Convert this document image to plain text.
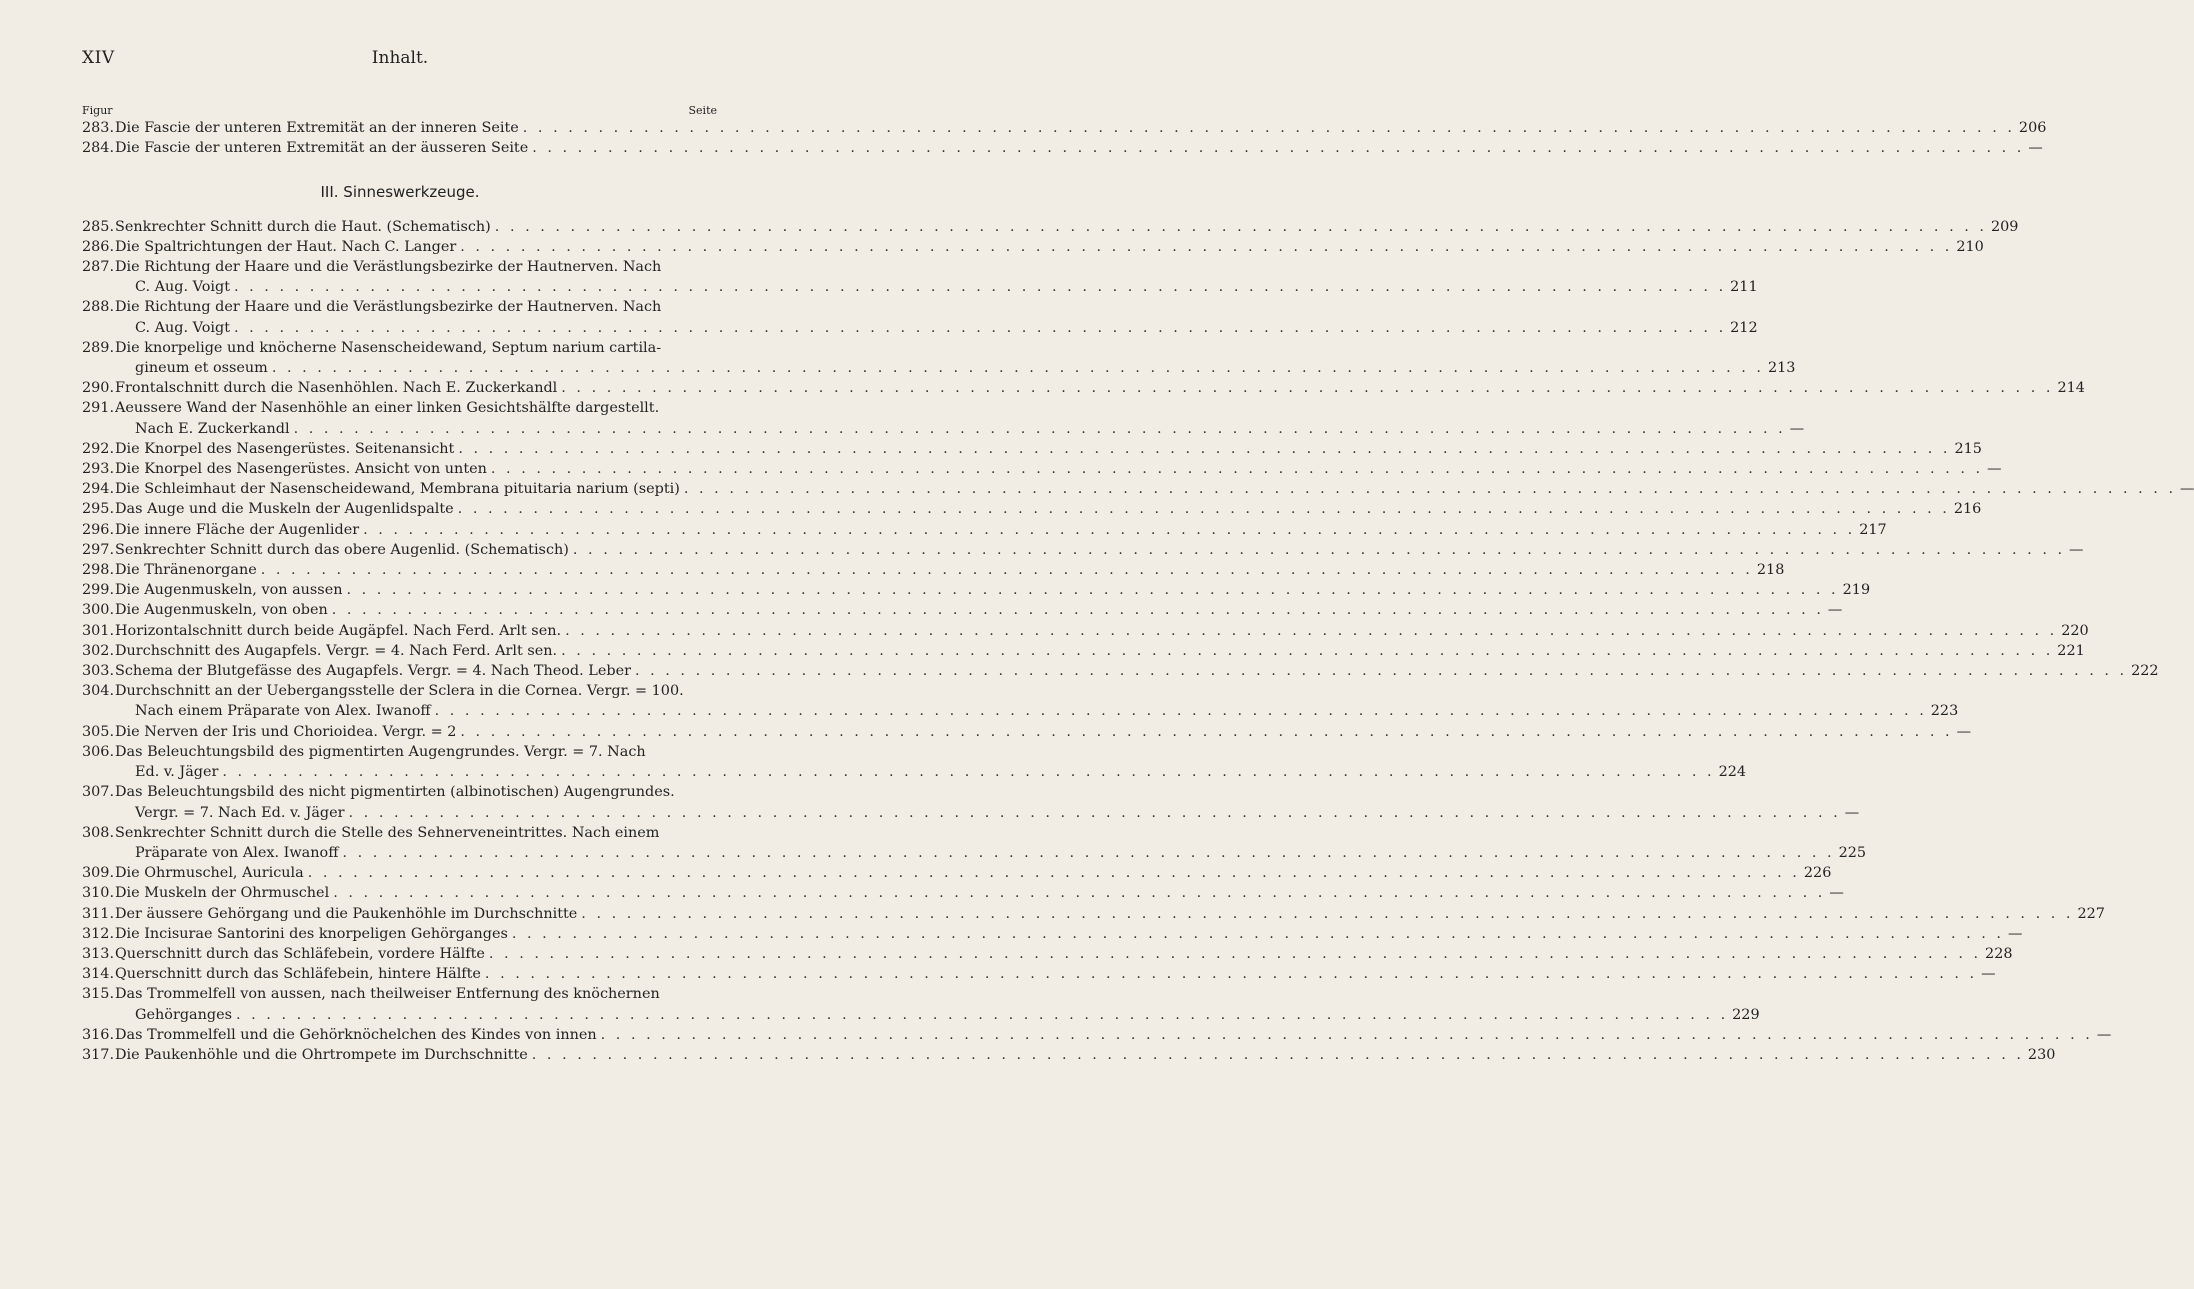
XIV	Inhalt.
Figur	Seite
283. Die Fascie der unteren Extremität an der inneren Seite . . .	206
284. Die Fascie der unteren Extremität an der äusseren Seite . . .	—
III. Sinneswerkzeuge.
285. Senkrechter Schnitt durch die Haut. (Schematisch) . . .	209
286. Die Spaltrichtungen der Haut. Nach C. Langer . . .	210
287. Die Richtung der Haare und die Verästlungsbezirke der Hautnerven. Nach
C. Aug. Voigt . . .	211
288. Die Richtung der Haare und die Verästlungsbezirke der Hautnerven. Nach
C. Aug. Voigt . . .	212
289. Die knorpelige und knöcherne Nasenscheidewand, Septum narium cartila-
gineum et osseum . . .	213
290. Frontalschnitt durch die Nasenhöhlen. Nach E. Zuckerkandl . . .	214
291. Aeussere Wand der Nasenhöhle an einer linken Gesichtshälfte dargestellt.
Nach E. Zuckerkandl . . .	—
292. Die Knorpel des Nasengerüstes. Seitenansicht . . .	215
293. Die Knorpel des Nasengerüstes. Ansicht von unten . . .	—
294. Die Schleimhaut der Nasenscheidewand, Membrana pituitaria narium (septi) . . .	—
295. Das Auge und die Muskeln der Augenlidspalte . . .	216
296. Die innere Fläche der Augenlider . . .	217
297. Senkrechter Schnitt durch das obere Augenlid. (Schematisch) . . .	—
298. Die Thränenorgane . . .	218
299. Die Augenmuskeln, von aussen . . .	219
300. Die Augenmuskeln, von oben . . .	—
301. Horizontalschnitt durch beide Augäpfel. Nach Ferd. Arlt sen. . . .	220
302. Durchschnitt des Augapfels. Vergr. = 4. Nach Ferd. Arlt sen. . . .	221
303. Schema der Blutgefässe des Augapfels. Vergr. = 4. Nach Theod. Leber . . .	222
304. Durchschnitt an der Uebergangsstelle der Sclera in die Cornea. Vergr. = 100.
Nach einem Präparate von Alex. Iwanoff . . .	223
305. Die Nerven der Iris und Chorioidea. Vergr. = 2 . . .	—
306. Das Beleuchtungsbild des pigmentirten Augengrundes. Vergr. = 7. Nach
Ed. v. Jäger . . .	224
307. Das Beleuchtungsbild des nicht pigmentirten (albinotischen) Augengrundes.
Vergr. = 7. Nach Ed. v. Jäger . . .	—
308. Senkrechter Schnitt durch die Stelle des Sehnerveneintrittes. Nach einem
Präparate von Alex. Iwanoff . . .	225
309. Die Ohrmuschel, Auricula . . .	226
310. Die Muskeln der Ohrmuschel . . .	—
311. Der äussere Gehörgang und die Paukenhöhle im Durchschnitte . . .	227
312. Die Incisurae Santorini des knorpeligen Gehörganges . . .	—
313. Querschnitt durch das Schläfebein, vordere Hälfte . . .	228
314. Querschnitt durch das Schläfebein, hintere Hälfte . . .	—
315. Das Trommelfell von aussen, nach theilweiser Entfernung des knöchernen
Gehörganges . . .	229
316. Das Trommelfell und die Gehörknöchelchen des Kindes von innen . . .	—
317. Die Paukenhöhle und die Ohrtrompete im Durchschnitte . . .	230
